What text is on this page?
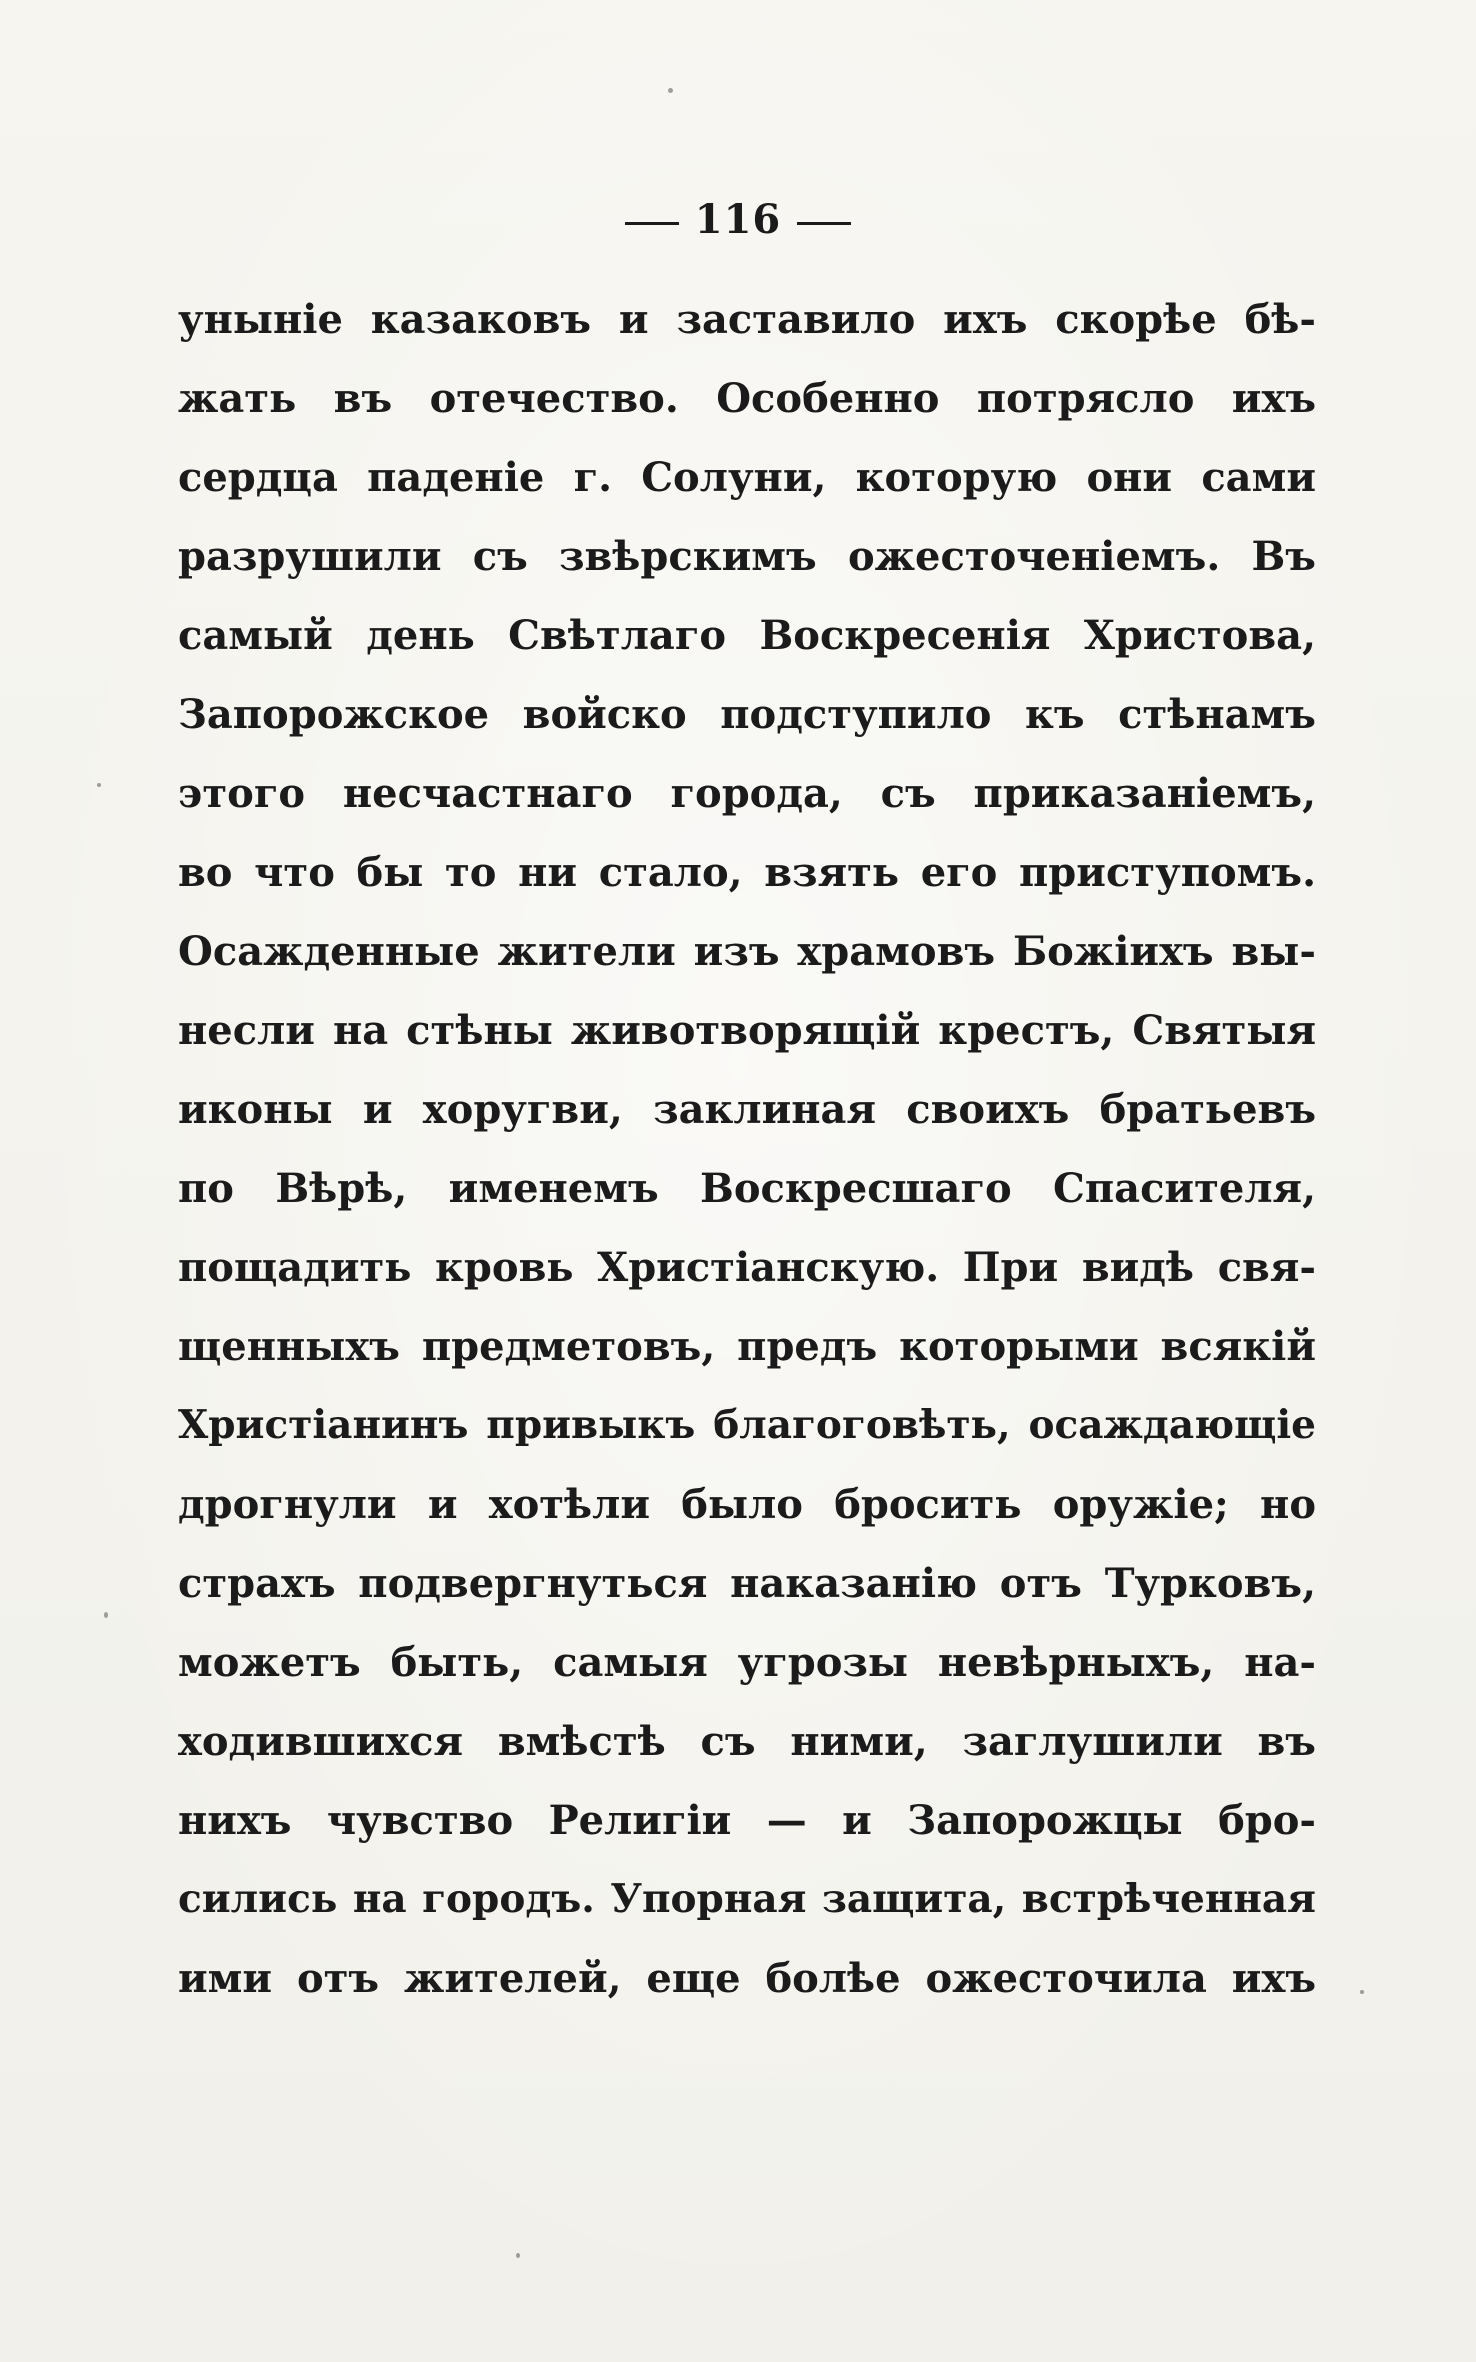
116
уныніе казаковъ и заставило ихъ скорѣе бѣ-
жать въ отечество. Особенно потрясло ихъ
сердца паденіе г. Солуни, которую они сами
разрушили съ звѣрскимъ ожесточеніемъ. Въ
самый день Свѣтлаго Воскресенія Христова,
Запорожское войско подступило къ стѣнамъ
этого несчастнаго города, съ приказаніемъ,
во что бы то ни стало, взять его приступомъ.
Осажденные жители изъ храмовъ Божіихъ вы-
несли на стѣны животворящій крестъ, Святыя
иконы и хоругви, заклиная своихъ братьевъ
по Вѣрѣ, именемъ Воскресшаго Спасителя,
пощадить кровь Христіанскую. При видѣ свя-
щенныхъ предметовъ, предъ которыми всякій
Христіанинъ привыкъ благоговѣть, осаждающіе
дрогнули и хотѣли было бросить оружіе; но
страхъ подвергнуться наказанію отъ Турковъ,
можетъ быть, самыя угрозы невѣрныхъ, на-
ходившихся вмѣстѣ съ ними, заглушили въ
нихъ чувство Религіи — и Запорожцы бро-
сились на городъ. Упорная защита, встрѣченная
ими отъ жителей, еще болѣе ожесточила ихъ
